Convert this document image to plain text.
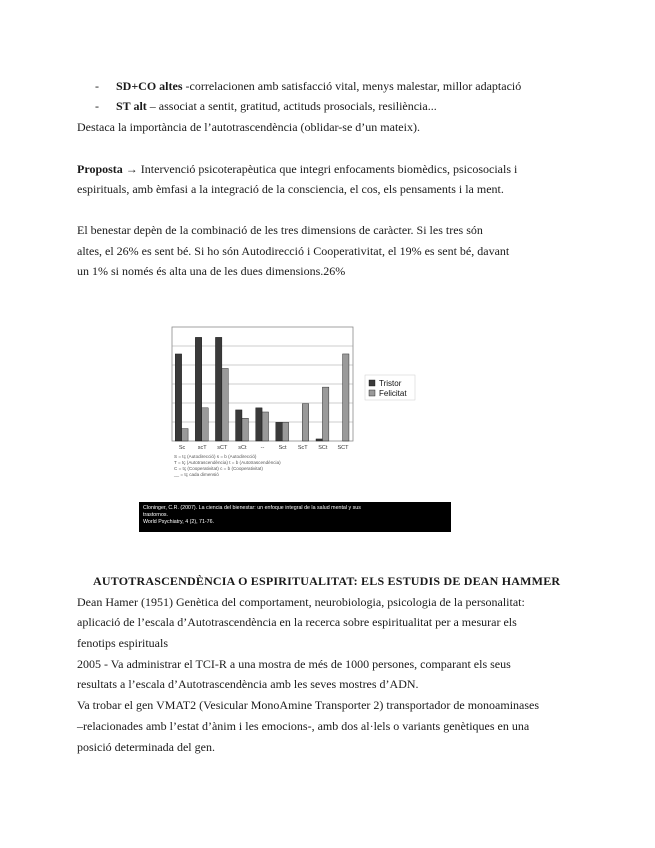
- SD+CO altes -correlacionen amb satisfacció vital, menys malestar, millor adaptació
- ST alt – associat a sentit, gratitud, actituds prosocials, resiliència...
Destaca la importància de l’autotrascendència (oblidar-se d’un mateix).
Proposta → Intervenció psicoterapèutica que integri enfocaments biomèdics, psicosocials i
espirituals, amb èmfasi a la integració de la consciencia, el cos, els pensaments i la ment.
El benestar depèn de la combinació de les tres dimensions de caràcter. Si les tres són
altes, el 26% es sent bé. Si ho són Autodirecció i Cooperativitat, el 19% es sent bé, davant
un 1% si només és alta una de les dues dimensions.26%
Sc scT sCT sCt	--	Sct ScT SCt SCT
Tristor
Felicitat
S = tç (Autodirecció) s = b (Autodirecció)
T = tç (Autotrascendència) t = b (Autotrascendència)
C = tç (Cooperativitat) c = b (Cooperativitat)
__ = tç cada dimensió
Cloninger, C.R. (2007). La ciencia del bienestar: un enfoque integral de la salud mental y sus
trastornos.
World Psychiatry, 4 (2), 71-76.
AUTOTRASCENDÈNCIA O ESPIRITUALITAT: ELS ESTUDIS DE DEAN HAMMER
Dean Hamer (1951) Genètica del comportament, neurobiologia, psicologia de la personalitat:
aplicació de l’escala d’Autotrascendència en la recerca sobre espiritualitat per a mesurar els
fenotips espirituals
2005 - Va administrar el TCI-R a una mostra de més de 1000 persones, comparant els seus
resultats a l’escala d’Autotrascendència amb les seves mostres d’ADN.
Va trobar el gen VMAT2 (Vesicular MonoAmine Transporter 2) transportador de monoaminases
–relacionades amb l’estat d’ànim i les emocions-, amb dos al·lels o variants genètiques en una
posició determinada del gen.
